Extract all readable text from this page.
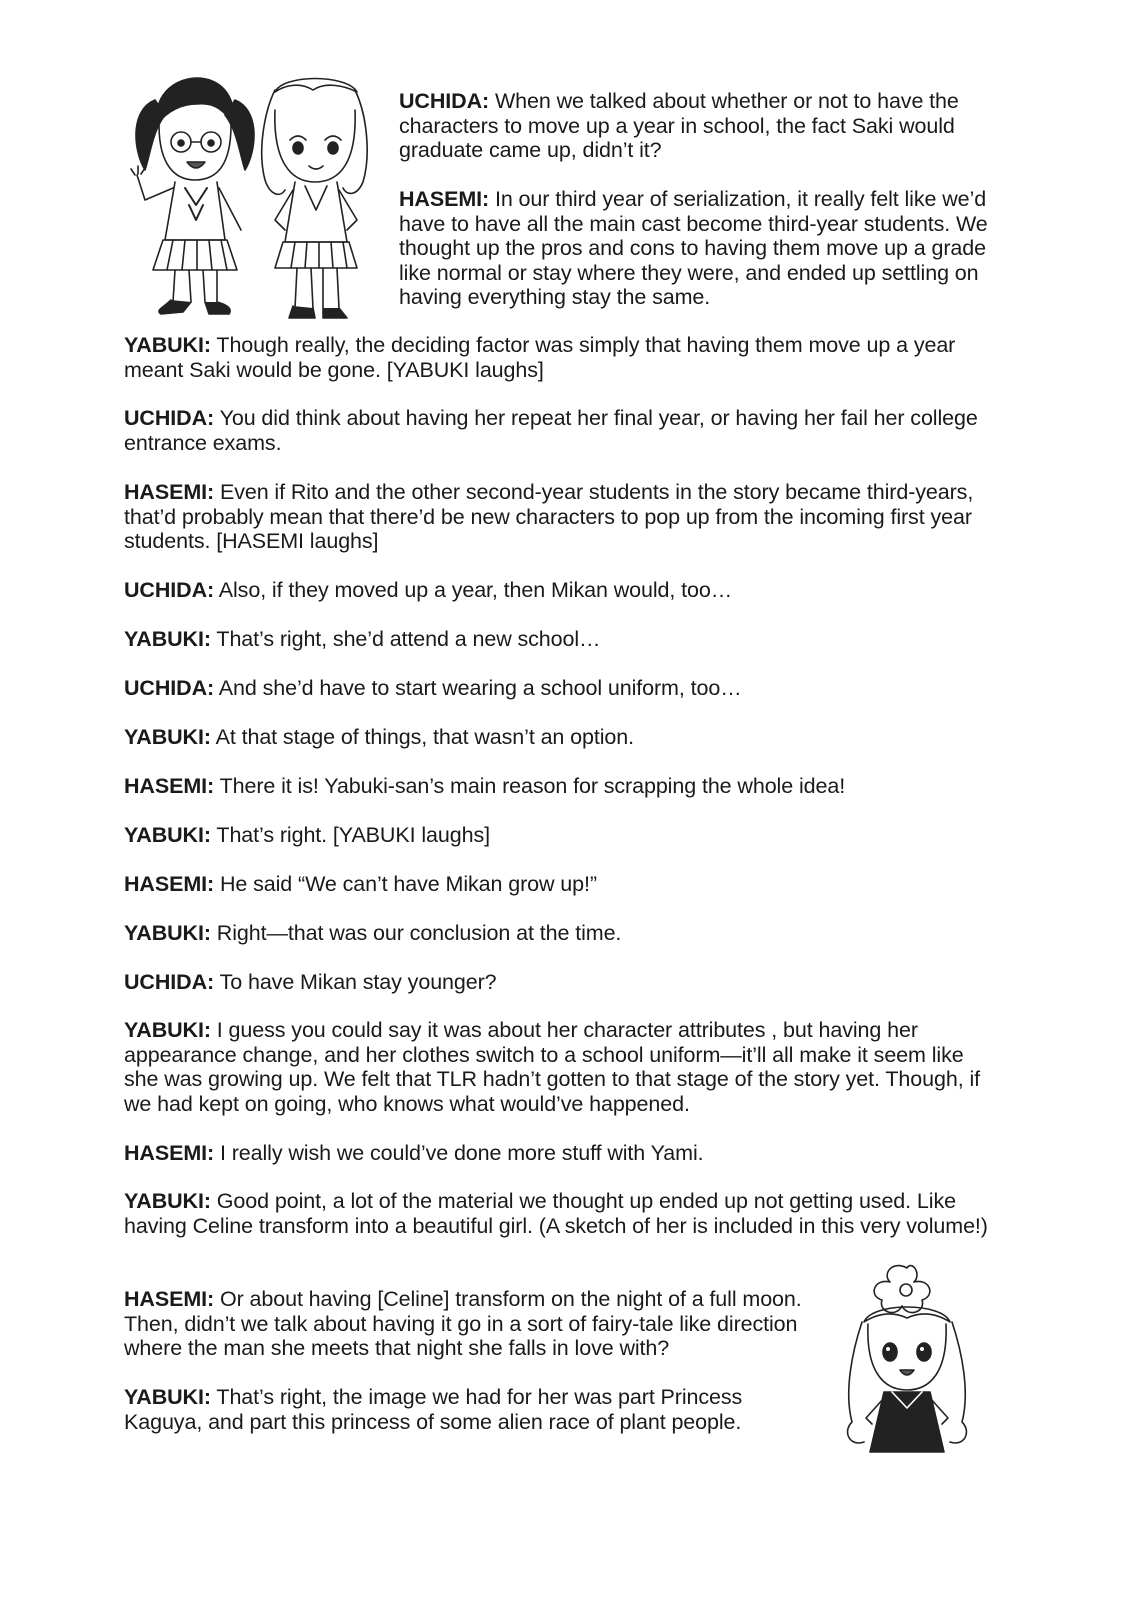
UCHIDA: When we talked about whether or not to have the characters to move up a year in school, the fact Saki would graduate came up, didn’t it?

HASEMI: In our third year of serialization, it really felt like we’d have to have all the main cast become third-year students. We thought up the pros and cons to having them move up a grade like normal or stay where they were, and ended up settling on having everything stay the same.

YABUKI: Though really, the deciding factor was simply that having them move up a year meant Saki would be gone. [YABUKI laughs]

UCHIDA: You did think about having her repeat her final year, or having her fail her college entrance exams.

HASEMI: Even if Rito and the other second-year students in the story became third-years, that’d probably mean that there’d be new characters to pop up from the incoming first year students. [HASEMI laughs]

UCHIDA: Also, if they moved up a year, then Mikan would, too…

YABUKI: That’s right, she’d attend a new school…

UCHIDA: And she’d have to start wearing a school uniform, too…

YABUKI: At that stage of things, that wasn’t an option.

HASEMI: There it is! Yabuki-san’s main reason for scrapping the whole idea!

YABUKI: That’s right. [YABUKI laughs]

HASEMI: He said “We can’t have Mikan grow up!”

YABUKI: Right—that was our conclusion at the time.

UCHIDA: To have Mikan stay younger?

YABUKI: I guess you could say it was about her character attributes , but having her appearance change, and her clothes switch to a school uniform—it’ll all make it seem like she was growing up. We felt that TLR hadn’t gotten to that stage of the story yet. Though, if we had kept on going, who knows what would’ve happened.

HASEMI: I really wish we could’ve done more stuff with Yami.

YABUKI: Good point, a lot of the material we thought up ended up not getting used. Like having Celine transform into a beautiful girl. (A sketch of her is included in this very volume!)

HASEMI: Or about having [Celine] transform on the night of a full moon. Then, didn’t we talk about having it go in a sort of fairy-tale like direction where the man she meets that night she falls in love with?

YABUKI: That’s right, the image we had for her was part Princess Kaguya, and part this princess of some alien race of plant people.
